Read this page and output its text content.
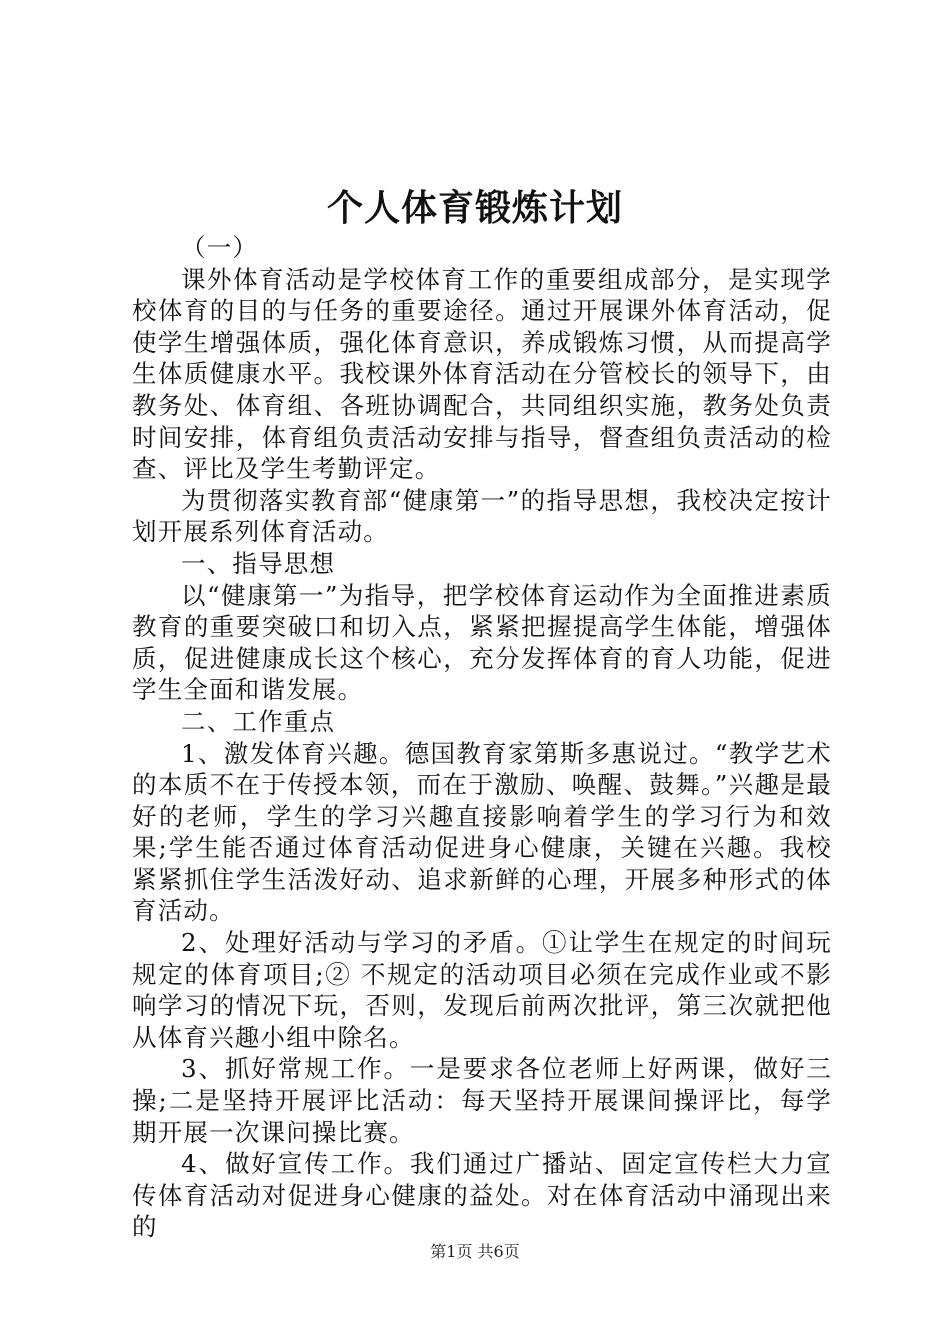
个人体育锻炼计划

（一）

课外体育活动是学校体育工作的重要组成部分，是实现学校体育的目的与任务的重要途径。通过开展课外体育活动，促使学生增强体质，强化体育意识，养成锻炼习惯，从而提高学生体质健康水平。我校课外体育活动在分管校长的领导下，由教务处、体育组、各班协调配合，共同组织实施，教务处负责时间安排，体育组负责活动安排与指导，督查组负责活动的检查、评比及学生考勤评定。

为贯彻落实教育部“健康第一”的指导思想，我校决定按计划开展系列体育活动。

一、指导思想

以“健康第一”为指导，把学校体育运动作为全面推进素质教育的重要突破口和切入点，紧紧把握提高学生体能，增强体质，促进健康成长这个核心，充分发挥体育的育人功能，促进学生全面和谐发展。

二、工作重点

1、激发体育兴趣。德国教育家第斯多惠说过。“教学艺术的本质不在于传授本领，而在于激励、唤醒、鼓舞。”兴趣是最好的老师，学生的学习兴趣直接影响着学生的学习行为和效果;学生能否通过体育活动促进身心健康，关键在兴趣。我校紧紧抓住学生活泼好动、追求新鲜的心理，开展多种形式的体育活动。

2、处理好活动与学习的矛盾。①让学生在规定的时间玩规定的体育项目;② 不规定的活动项目必须在完成作业或不影响学习的情况下玩，否则，发现后前两次批评，第三次就把他从体育兴趣小组中除名。

3、抓好常规工作。一是要求各位老师上好两课，做好三操;二是坚持开展评比活动：每天坚持开展课间操评比，每学期开展一次课问操比赛。

4、做好宣传工作。我们通过广播站、固定宣传栏大力宣传体育活动对促进身心健康的益处。对在体育活动中涌现出来的

第1页 共6页
